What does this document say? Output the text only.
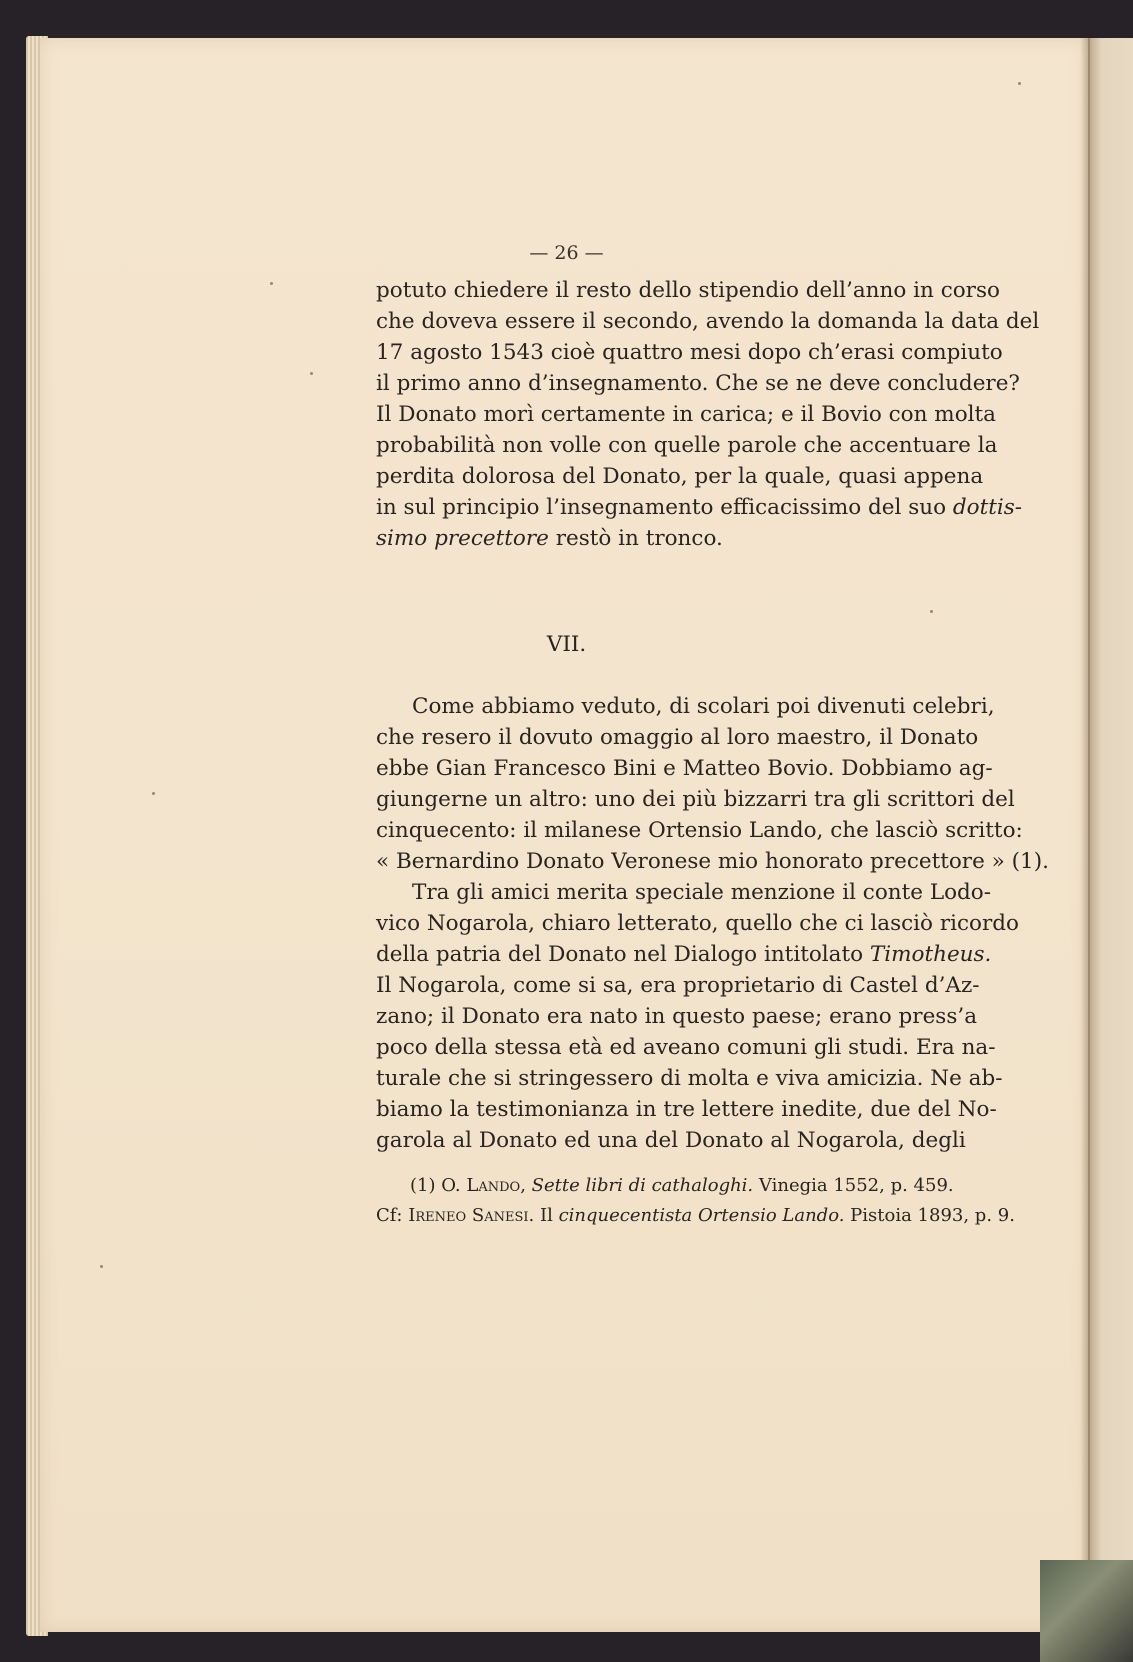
— 26 —
potuto chiedere il resto dello stipendio dell’anno in corso
che doveva essere il secondo, avendo la domanda la data del
17 agosto 1543 cioè quattro mesi dopo ch’erasi compiuto
il primo anno d’insegnamento. Che se ne deve concludere?
Il Donato morì certamente in carica; e il Bovio con molta
probabilità non volle con quelle parole che accentuare la
perdita dolorosa del Donato, per la quale, quasi appena
in sul principio l’insegnamento efficacissimo del suo dottis-
simo precettore restò in tronco.
VII.
Come abbiamo veduto, di scolari poi divenuti celebri,
che resero il dovuto omaggio al loro maestro, il Donato
ebbe Gian Francesco Bini e Matteo Bovio. Dobbiamo ag-
giungerne un altro: uno dei più bizzarri tra gli scrittori del
cinquecento: il milanese Ortensio Lando, che lasciò scritto:
« Bernardino Donato Veronese mio honorato precettore » (1).
Tra gli amici merita speciale menzione il conte Lodo-
vico Nogarola, chiaro letterato, quello che ci lasciò ricordo
della patria del Donato nel Dialogo intitolato Timotheus.
Il Nogarola, come si sa, era proprietario di Castel d’Az-
zano; il Donato era nato in questo paese; erano press’a
poco della stessa età ed aveano comuni gli studi. Era na-
turale che si stringessero di molta e viva amicizia. Ne ab-
biamo la testimonianza in tre lettere inedite, due del No-
garola al Donato ed una del Donato al Nogarola, degli
(1) O. Lando, Sette libri di cathaloghi. Vinegia 1552, p. 459.
Cf: Ireneo Sanesi. Il cinquecentista Ortensio Lando. Pistoia 1893, p. 9.
